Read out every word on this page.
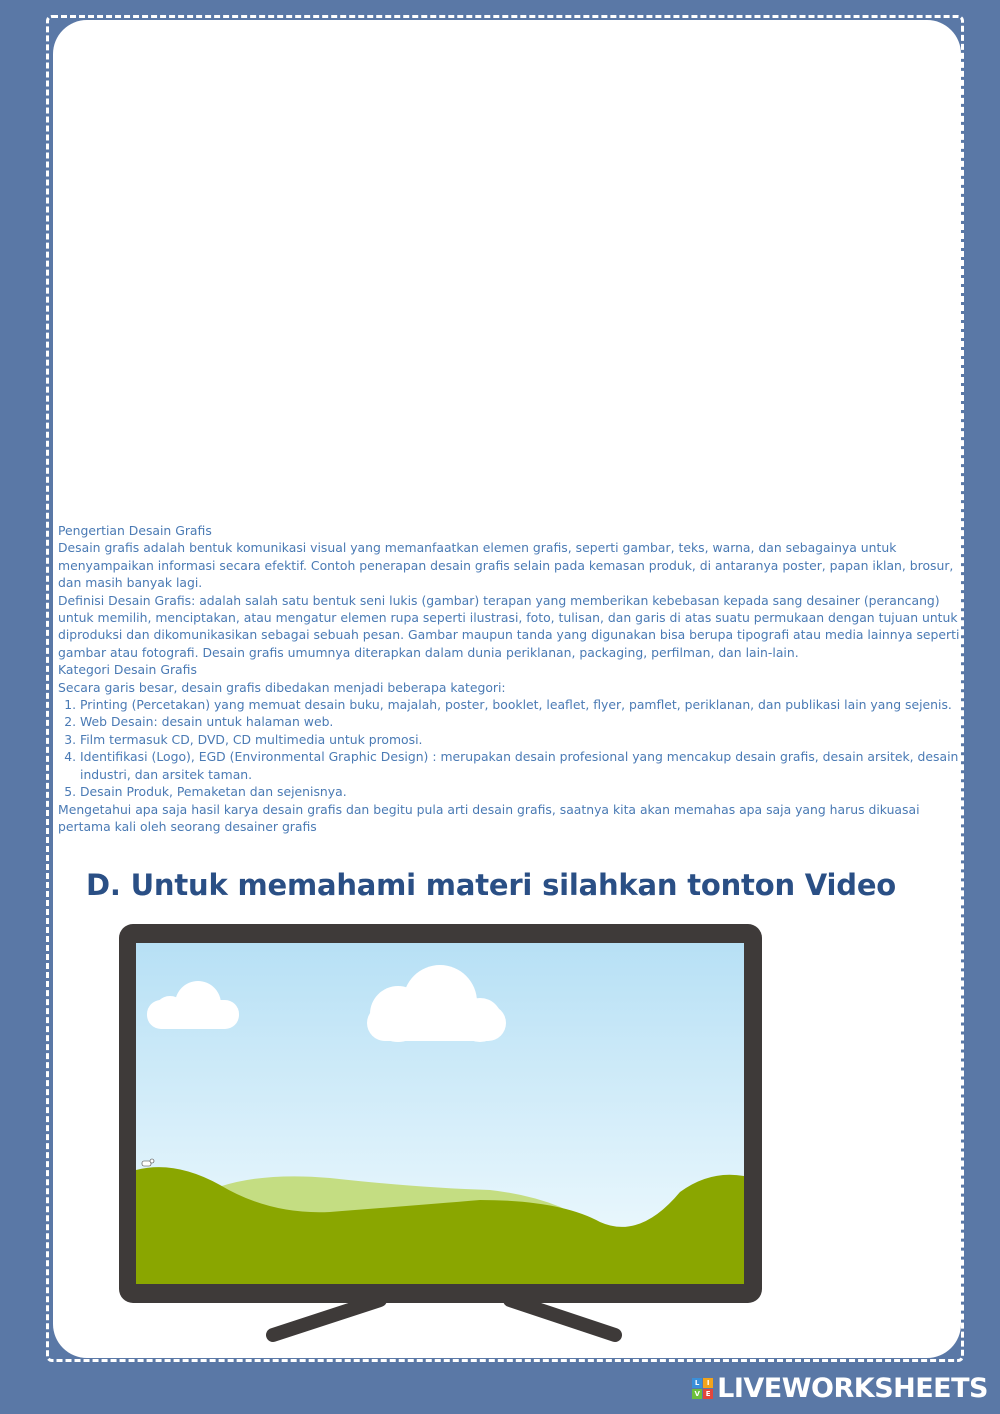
Pengertian Desain Grafis

Desain grafis adalah bentuk komunikasi visual yang memanfaatkan elemen grafis, seperti gambar, teks, warna, dan sebagainya untuk menyampaikan informasi secara efektif. Contoh penerapan desain grafis selain pada kemasan produk, di antaranya poster, papan iklan, brosur, dan masih banyak lagi.

Definisi Desain Grafis: adalah salah satu bentuk seni lukis (gambar) terapan yang memberikan kebebasan kepada sang desainer (perancang) untuk memilih, menciptakan, atau mengatur elemen rupa seperti ilustrasi, foto, tulisan, dan garis di atas suatu permukaan dengan tujuan untuk diproduksi dan dikomunikasikan sebagai sebuah pesan. Gambar maupun tanda yang digunakan bisa berupa tipografi atau media lainnya seperti gambar atau fotografi. Desain grafis umumnya diterapkan dalam dunia periklanan, packaging, perfilman, dan lain-lain.

Kategori Desain Grafis

Secara garis besar, desain grafis dibedakan menjadi beberapa kategori:

1. Printing (Percetakan) yang memuat desain buku, majalah, poster, booklet, leaflet, flyer, pamflet, periklanan, dan publikasi lain yang sejenis.
2. Web Desain: desain untuk halaman web.
3. Film termasuk CD, DVD, CD multimedia untuk promosi.
4. Identifikasi (Logo), EGD (Environmental Graphic Design) : merupakan desain profesional yang mencakup desain grafis, desain arsitek, desain industri, dan arsitek taman.
5. Desain Produk, Pemaketan dan sejenisnya.

Mengetahui apa saja hasil karya desain grafis dan begitu pula arti desain grafis, saatnya kita akan memahas apa saja yang harus dikuasai pertama kali oleh seorang desainer grafis

D. Untuk memahami materi silahkan tonton Video
L	I
V E LIVEWORKSHEETS
